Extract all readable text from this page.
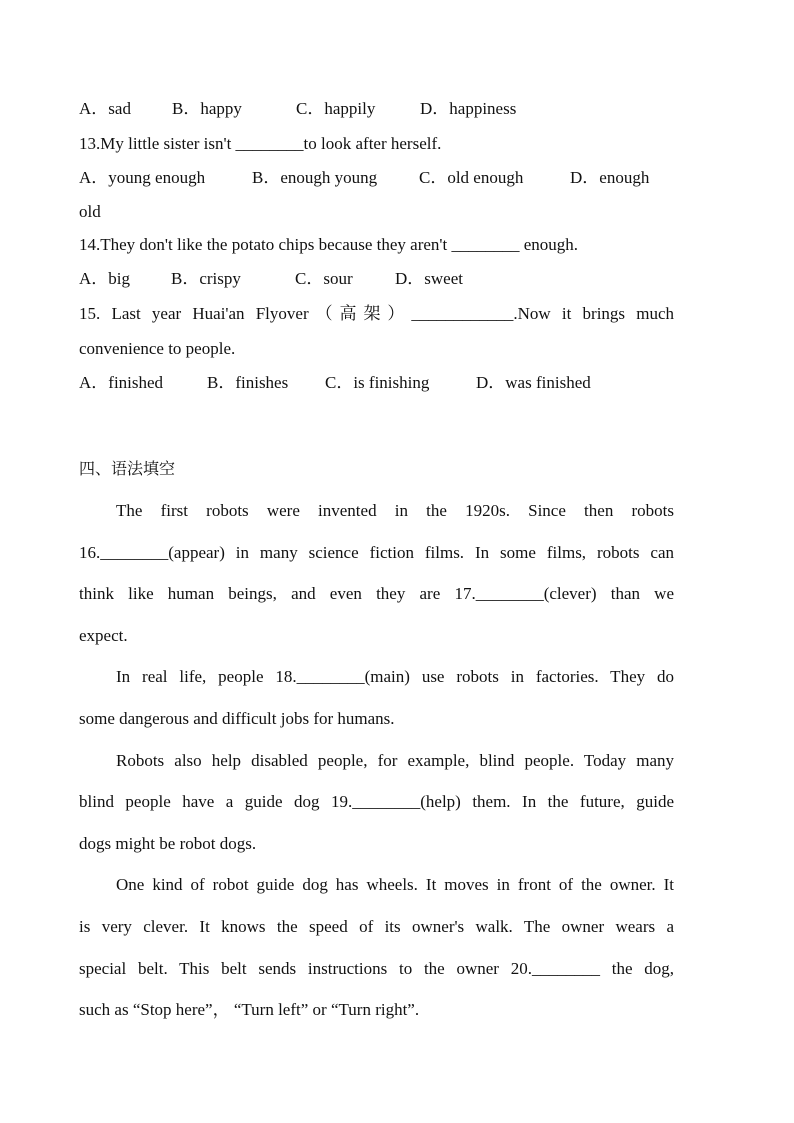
A．sad B．happy	C．happily	D．happiness
13.My little sister isn't ________to look after herself.
A．young enough	B．enough young C．old enough	D．enough
old
14.They don't like the potato chips because they aren't ________ enough.
A．big B．crispy	C．sour D．sweet
15. Last year Huai'an Flyover（高架）____________.Now it brings much
convenience to people.
A．finished	B．finishes C．is finishing	D．was finished
四、语法填空
The first robots were invented in the 1920s. Since then robots
16.________(appear) in many science fiction films. In some films, robots can
think like human beings, and even they are 17.________(clever) than we
expect.
In real life, people 18.________(main) use robots in factories. They do
some dangerous and difficult jobs for humans.
Robots also help disabled people, for example, blind people. Today many
blind people have a guide dog 19.________(help) them. In the future, guide
dogs might be robot dogs.
One kind of robot guide dog has wheels. It moves in front of the owner. It
is very clever. It knows the speed of its owner's walk. The owner wears a
special belt. This belt sends instructions to the owner 20.________ the dog,
such as “Stop here”， “Turn left” or “Turn right”.
